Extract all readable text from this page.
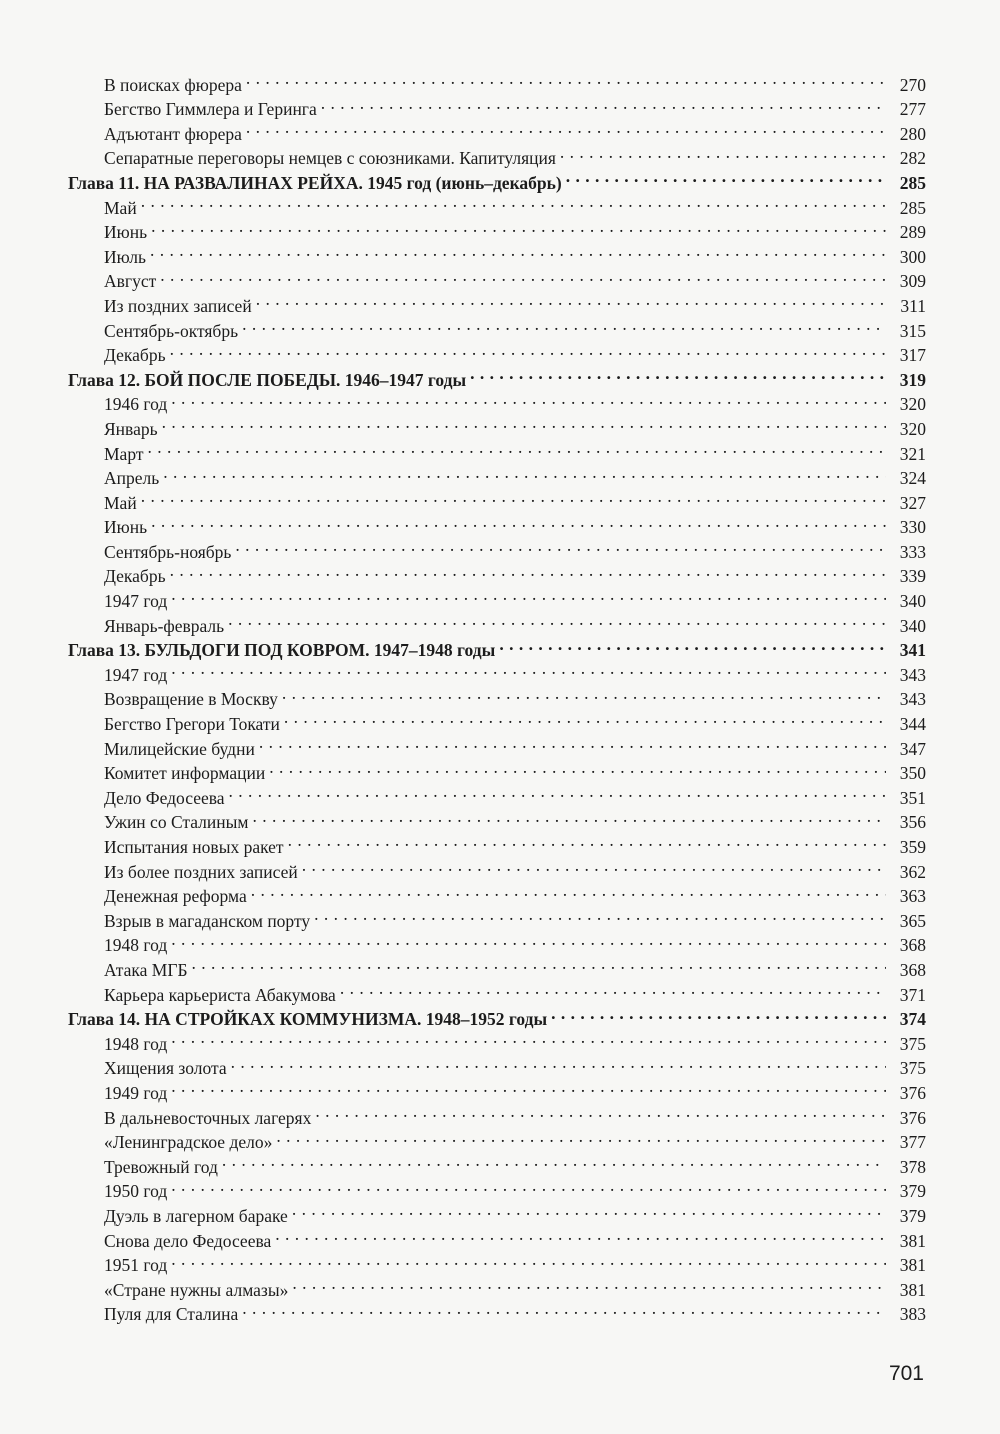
В поисках фюрера . . .	270
Бегство Гиммлера и Геринга . . .	277
Адъютант фюрера . . .	280
Сепаратные переговоры немцев с союзниками. Капитуляция . . .	282
Глава 11. НА РАЗВАЛИНАХ РЕЙХА. 1945 год (июнь–декабрь) . . .	285
Май . . .	285
Июнь . . .	289
Июль . . .	300
Август . . .	309
Из поздних записей . . .	311
Сентябрь-октябрь . . .	315
Декабрь . . .	317
Глава 12. БОЙ ПОСЛЕ ПОБЕДЫ. 1946–1947 годы . . .	319
1946 год . . .	320
Январь . . .	320
Март . . .	321
Апрель . . .	324
Май . . .	327
Июнь . . .	330
Сентябрь-ноябрь . . .	333
Декабрь . . .	339
1947 год . . .	340
Январь-февраль . . .	340
Глава 13. БУЛЬДОГИ ПОД КОВРОМ. 1947–1948 годы . . .	341
1947 год . . .	343
Возвращение в Москву . . .	343
Бегство Грегори Токати . . .	344
Милицейские будни . . .	347
Комитет информации . . .	350
Дело Федосеева . . .	351
Ужин со Сталиным . . .	356
Испытания новых ракет . . .	359
Из более поздних записей . . .	362
Денежная реформа . . .	363
Взрыв в магаданском порту . . .	365
1948 год . . .	368
Атака МГБ . . .	368
Карьера карьериста Абакумова . . .	371
Глава 14. НА СТРОЙКАХ КОММУНИЗМА. 1948–1952 годы . . .	374
1948 год . . .	375
Хищения золота . . .	375
1949 год . . .	376
В дальневосточных лагерях . . .	376
«Ленинградское дело» . . .	377
Тревожный год . . .	378
1950 год . . .	379
Дуэль в лагерном бараке . . .	379
Снова дело Федосеева . . .	381
1951 год . . .	381
«Стране нужны алмазы» . . .	381
Пуля для Сталина . . .	383
701
